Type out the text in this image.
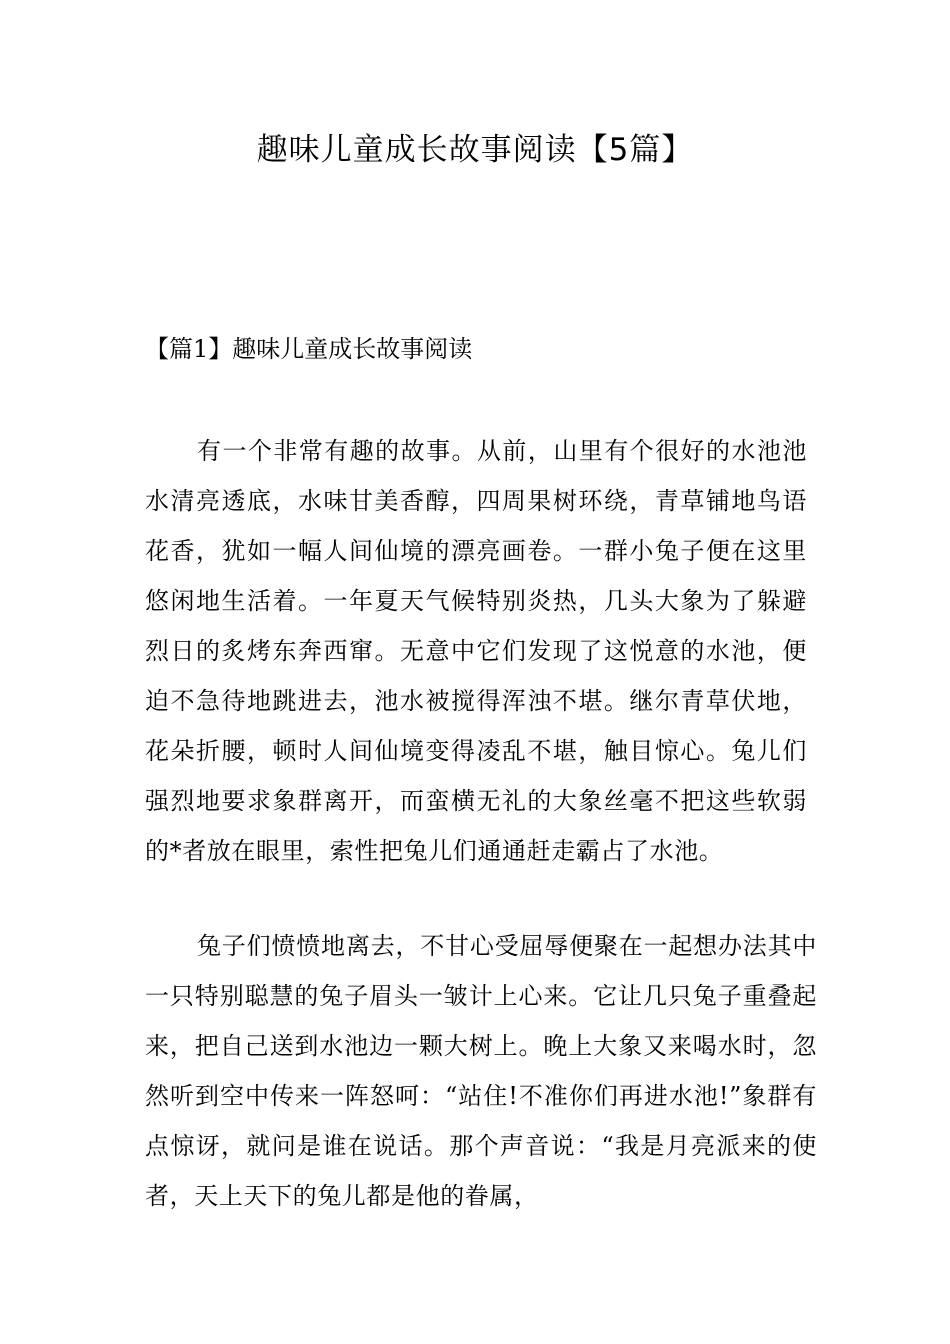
趣味儿童成长故事阅读【5篇】
【篇1】趣味儿童成长故事阅读

有一个非常有趣的故事。从前，山里有个很好的水池池水清亮透底，水味甘美香醇，四周果树环绕，青草铺地鸟语花香，犹如一幅人间仙境的漂亮画卷。一群小兔子便在这里悠闲地生活着。一年夏天气候特别炎热，几头大象为了躲避烈日的炙烤东奔西窜。无意中它们发现了这悦意的水池，便迫不急待地跳进去，池水被搅得浑浊不堪。继尔青草伏地，花朵折腰，顿时人间仙境变得凌乱不堪，触目惊心。兔儿们强烈地要求象群离开，而蛮横无礼的大象丝毫不把这些软弱的*者放在眼里，索性把兔儿们通通赶走霸占了水池。

兔子们愤愤地离去，不甘心受屈辱便聚在一起想办法其中一只特别聪慧的兔子眉头一皱计上心来。它让几只兔子重叠起来，把自己送到水池边一颗大树上。晚上大象又来喝水时，忽然听到空中传来一阵怒呵：“站住!不准你们再进水池!”象群有点惊讶，就问是谁在说话。那个声音说：“我是月亮派来的使者，天上天下的兔儿都是他的眷属，
